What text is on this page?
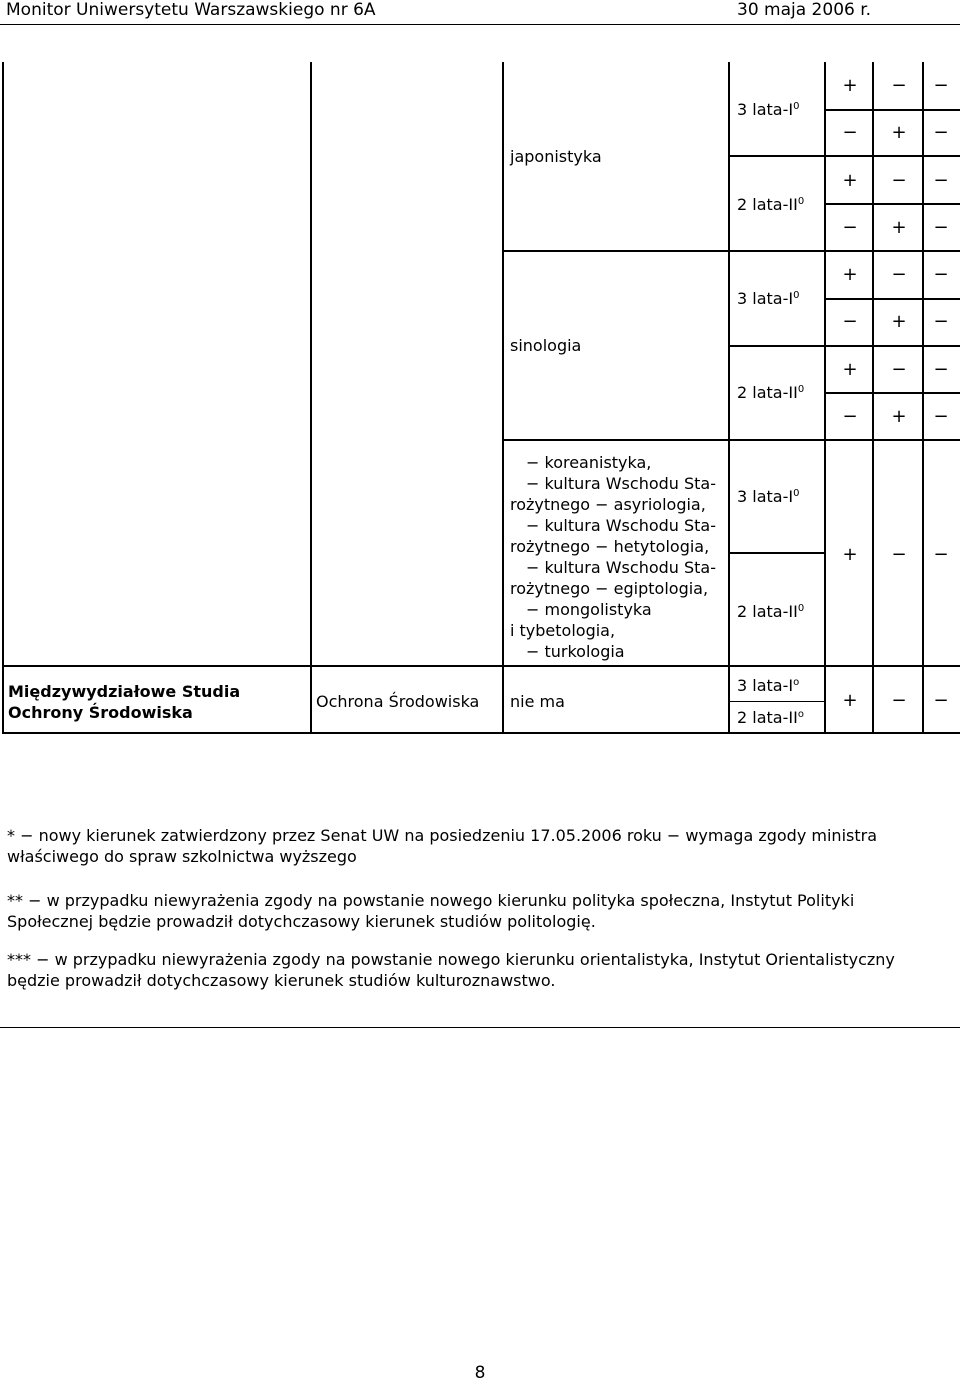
Monitor Uniwersytetu Warszawskiego nr 6A	30 maja 2006 r.
japonistyka
3 lata-$I^0$
2 lata-$II^0$
+ − −
− + −
+ − −
− + −
sinologia
3 lata-$I^0$
2 lata-$II^0$
+ − −
− + −
+ − −
− + −
− koreanistyka,
− kultura Wschodu Sta-
rożytnego − asyriologia,
− kultura Wschodu Sta-
rożytnego − hetytologia,
− kultura Wschodu Sta-
rożytnego − egiptologia,
− mongolistyka
i tybetologia,
− turkologia
3 lata-$I^0$
2 lata-$II^0$
+ − −
Międzywydziałowe Studia
Ochrony Środowiska
Ochrona Środowiska nie ma
3 lata-$I^o$
2 lata-$II^o$
+ − −
* − nowy kierunek zatwierdzony przez Senat UW na posiedzeniu 17.05.2006 roku − wymaga zgody ministra właściwego do spraw szkolnictwa wyższego
** − w przypadku niewyrażenia zgody na powstanie nowego kierunku polityka społeczna, Instytut Polityki Społecznej będzie prowadził dotychczasowy kierunek studiów politologię.
*** − w przypadku niewyrażenia zgody na powstanie nowego kierunku orientalistyka, Instytut Orientalistyczny będzie prowadził dotychczasowy kierunek studiów kulturoznawstwo.
8
